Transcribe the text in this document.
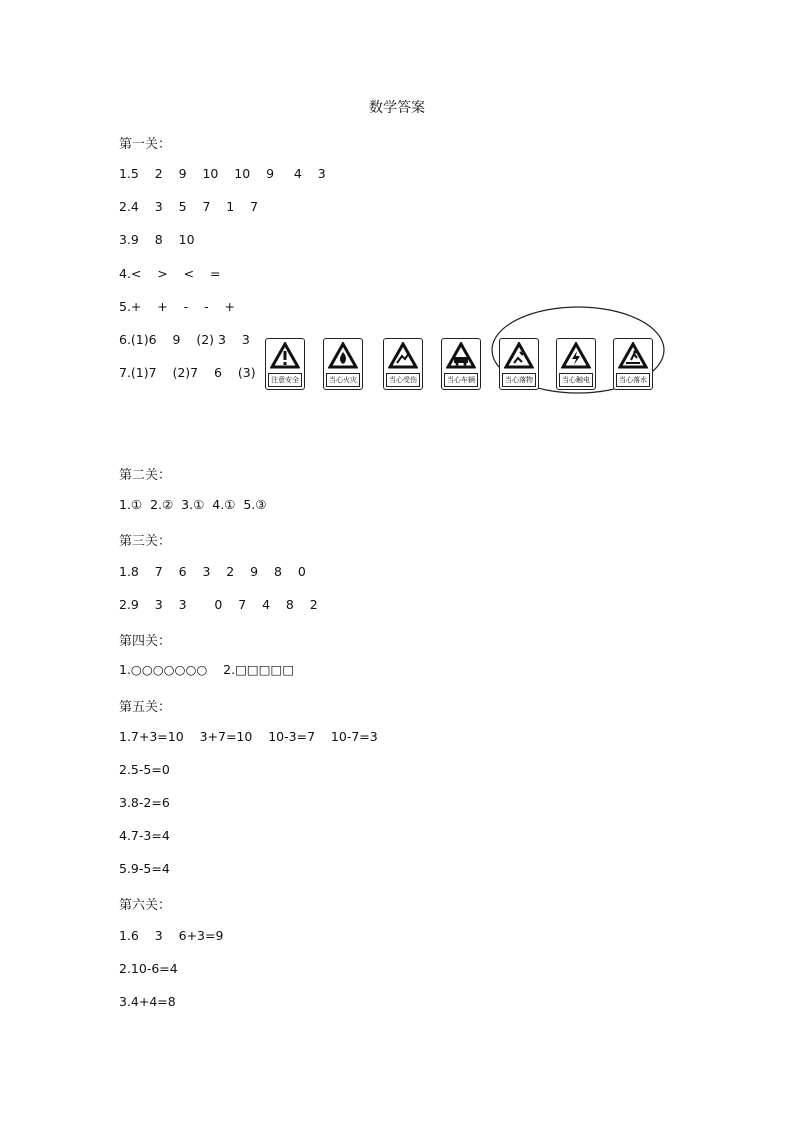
数学答案
第一关：
1.5    2    9    10    10    9     4    3
2.4    3    5    7    1    7
3.9    8    10
4.<    >    <    =
5.+    +    -    -    +
6.(1)6    9    (2) 3    3
7.(1)7    (2)7    6    (3)	注意安全	当心火灾	当心受伤	当心车辆	当心落物	当心触电	当心落水
第二关：
1.①  2.②  3.①  4.①  5.③
第三关：
1.8    7    6    3    2    9    8    0
2.9    3    3       0    7    4    8    2
第四关：
1.○○○○○○○    2.□□□□□
第五关：
1.7+3=10    3+7=10    10-3=7    10-7=3
2.5-5=0
3.8-2=6
4.7-3=4
5.9-5=4
第六关：
1.6    3    6+3=9
2.10-6=4
3.4+4=8
